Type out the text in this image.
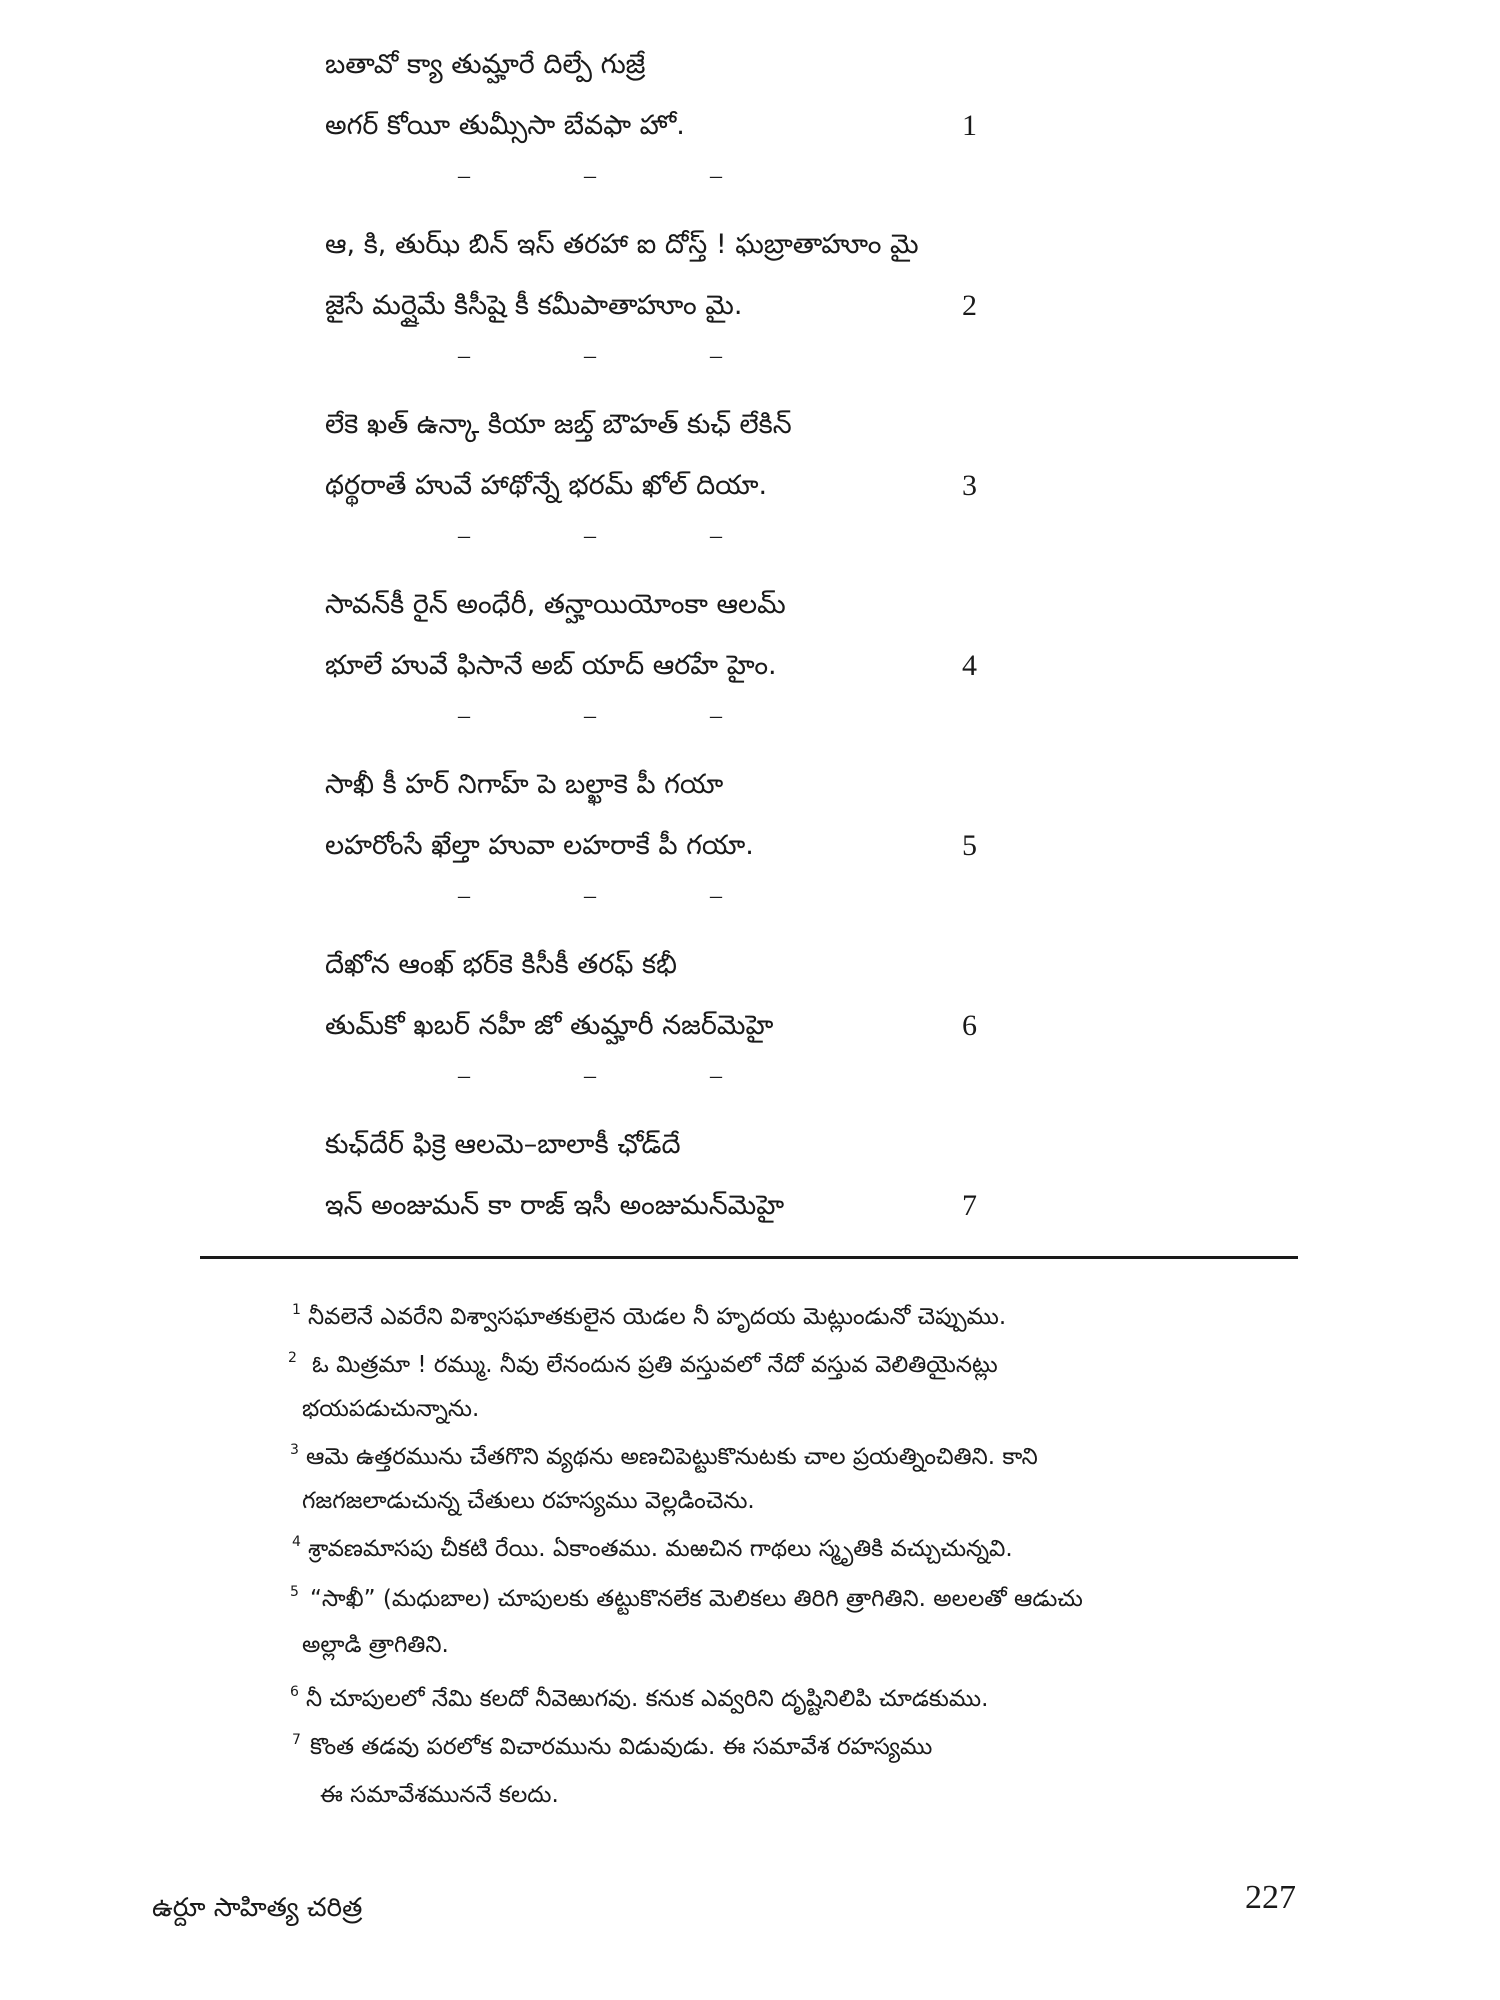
బతావో క్యా తుమ్హారే దిల్పే గుజ్రే
అగర్ కోయీ తుమ్సీసా బేవఫా హో.	1
–	–	–
ఆ, కి, తుఝ్ బిన్ ఇస్ తరహా ఐ దోస్త్ ! ఘబ్రాతాహూం మై
జైసే మర్షైమే కిసీషై కీ కమీపాతాహూం మై.	2
–	–	–
లేకె ఖత్ ఉన్కా కియా జబ్త్ బౌహత్ కుఛ్ లేకిన్
థర్థరాతే హువే హాథోన్నే భరమ్ ఖోల్ దియా.	3
–	–	–
సావన్‌కీ రైన్ అంధేరీ, తన్హాయియోంకా ఆలమ్
భూలే హువే ఫిసానే అబ్ యాద్ ఆరహే హైం.	4
–	–	–
సాఖీ కీ హర్ నిగాహ్ పె బల్ఖాకె పీ గయా
లహరోంసే ఖేల్తా హువా లహరాకే పీ గయా.	5
–	–	–
దేఖోన ఆంఖ్ భర్‌కె కిసీకీ తరఫ్ కభీ
తుమ్‌కో ఖబర్ నహీ జో తుమ్హారీ నజర్‌మెహై	6
–	–	–
కుఛ్‌దేర్ ఫిక్రె ఆలమె–బాలాకీ ఛోడ్‌దే
ఇన్ అంజుమన్ కా రాజ్ ఇసీ అంజుమన్‌మెహై	7
1 నీవలెనే ఎవరేని విశ్వాసఘాతకులైన యెడల నీ హృదయ మెట్లుండునో చెప్పుము.
2 ఓ మిత్రమా ! రమ్ము. నీవు లేనందున ప్రతి వస్తువలో నేదో వస్తువ వెలితియైనట్లు
భయపడుచున్నాను.
3 ఆమె ఉత్తరమును చేతగొని వ్యథను అణచిపెట్టుకొనుటకు చాల ప్రయత్నించితిని. కాని
గజగజలాడుచున్న చేతులు రహస్యము వెల్లడించెను.
4 శ్రావణమాసపు చీకటి రేయి. ఏకాంతము. మఱచిన గాథలు స్మృతికి వచ్చుచున్నవి.
5 “సాఖీ” (మధుబాల) చూపులకు తట్టుకొనలేక మెలికలు తిరిగి త్రాగితిని. అలలతో ఆడుచు
అల్లాడి త్రాగితిని.
6 నీ చూపులలో నేమి కలదో నీవెఱుగవు. కనుక ఎవ్వరిని దృష్టినిలిపి చూడకుము.
7 కొంత తడవు పరలోక విచారమును విడువుడు. ఈ సమావేశ రహస్యము
ఈ సమావేశముననే కలదు.
ఉర్దూ సాహిత్య చరిత్ర	227
